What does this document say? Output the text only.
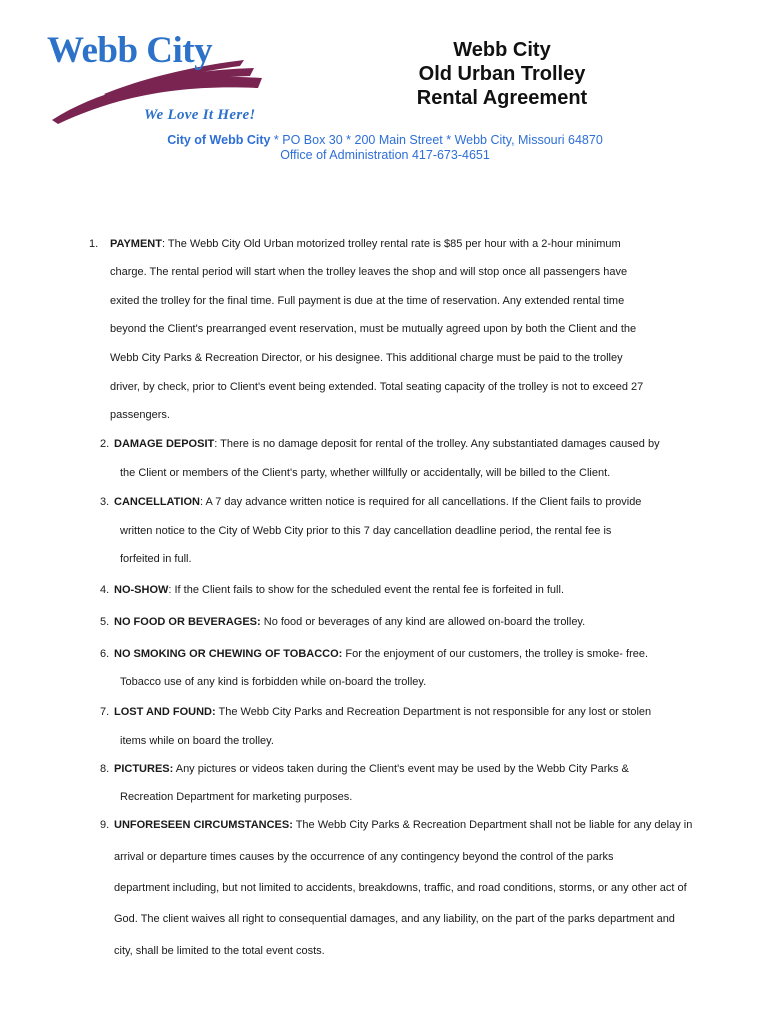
Webb City
We Love It Here!
Webb City
Old Urban Trolley
Rental Agreement
City of Webb City * PO Box 30 * 200 Main Street * Webb City, Missouri 64870
Office of Administration 417-673-4651
1. PAYMENT: The Webb City Old Urban motorized trolley rental rate is $85 per hour with a 2-hour minimum
charge. The rental period will start when the trolley leaves the shop and will stop once all passengers have
exited the trolley for the final time. Full payment is due at the time of reservation. Any extended rental time
beyond the Client's prearranged event reservation, must be mutually agreed upon by both the Client and the
Webb City Parks & Recreation Director, or his designee. This additional charge must be paid to the trolley
driver, by check, prior to Client's event being extended. Total seating capacity of the trolley is not to exceed 27
passengers.
2. DAMAGE DEPOSIT: There is no damage deposit for rental of the trolley. Any substantiated damages caused by
the Client or members of the Client's party, whether willfully or accidentally, will be billed to the Client.
3. CANCELLATION: A 7 day advance written notice is required for all cancellations. If the Client fails to provide
written notice to the City of Webb City prior to this 7 day cancellation deadline period, the rental fee is
forfeited in full.
4. NO-SHOW: If the Client fails to show for the scheduled event the rental fee is forfeited in full.
5. NO FOOD OR BEVERAGES: No food or beverages of any kind are allowed on-board the trolley.
6. NO SMOKING OR CHEWING OF TOBACCO: For the enjoyment of our customers, the trolley is smoke- free.
Tobacco use of any kind is forbidden while on-board the trolley.
7. LOST AND FOUND: The Webb City Parks and Recreation Department is not responsible for any lost or stolen
items while on board the trolley.
8. PICTURES: Any pictures or videos taken during the Client's event may be used by the Webb City Parks &
Recreation Department for marketing purposes.
9. UNFORESEEN CIRCUMSTANCES: The Webb City Parks & Recreation Department shall not be liable for any delay in
arrival or departure times causes by the occurrence of any contingency beyond the control of the parks
department including, but not limited to accidents, breakdowns, traffic, and road conditions, storms, or any other act of
God. The client waives all right to consequential damages, and any liability, on the part of the parks department and
city, shall be limited to the total event costs.
